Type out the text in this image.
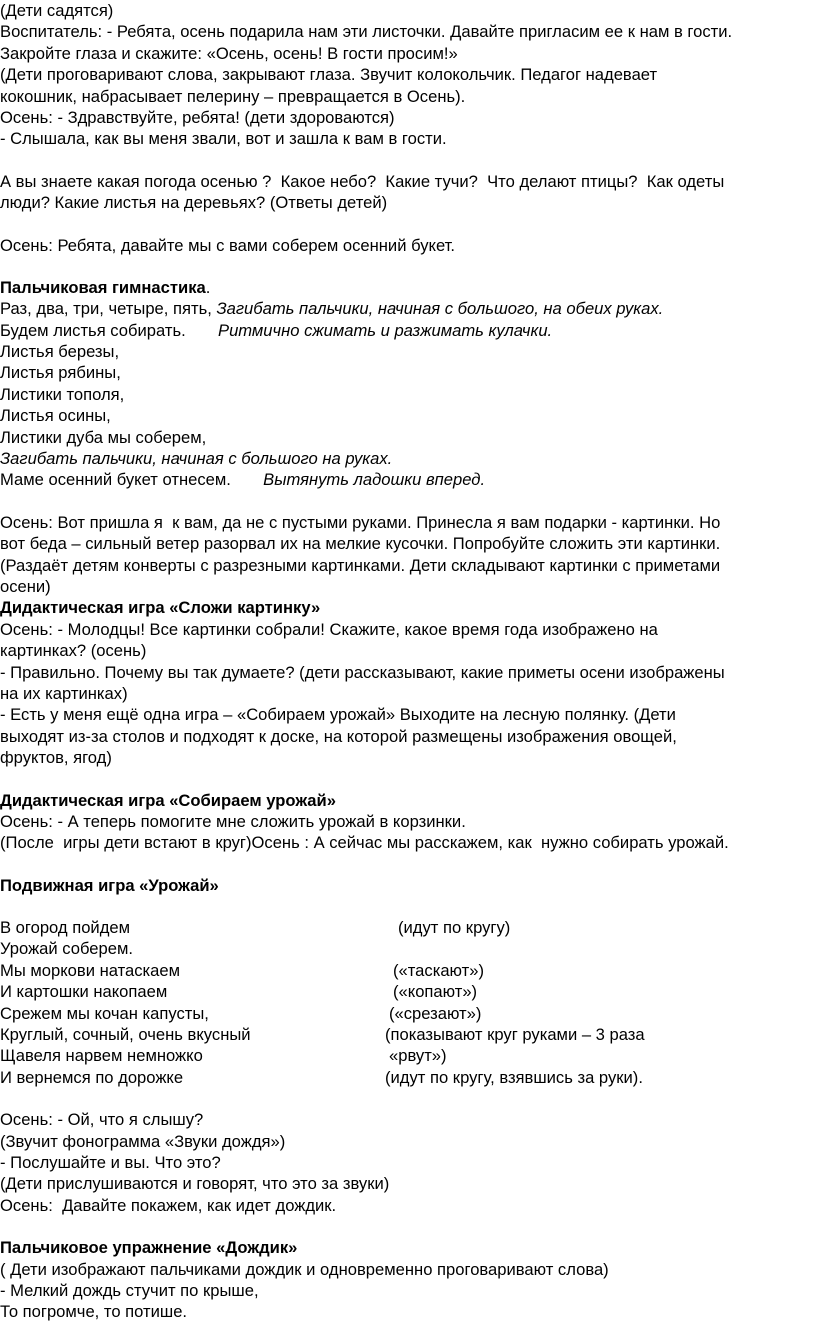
(Дети садятся)

Воспитатель: - Ребята, осень подарила нам эти листочки. Давайте пригласим ее к нам в гости.

Закройте глаза и скажите: «Осень, осень! В гости просим!»

(Дети проговаривают слова, закрывают глаза. Звучит колокольчик. Педагог надевает

кокошник, набрасывает пелерину – превращается в Осень).

Осень: - Здравствуйте, ребята! (дети здороваются)

- Слышала, как вы меня звали, вот и зашла к вам в гости.

А вы знаете какая погода осенью ?  Какое небо?  Какие тучи?  Что делают птицы?  Как одеты

люди? Какие листья на деревьях? (Ответы детей)

Осень: Ребята, давайте мы с вами соберем осенний букет.

Пальчиковая гимнастика.

Раз, два, три, четыре, пять, Загибать пальчики, начиная с большого, на обеих руках.

Будем листья собирать.       Ритмично сжимать и разжимать кулачки.

Листья березы,

Листья рябины,

Листики тополя,

Листья осины,

Листики дуба мы соберем,

Загибать пальчики, начиная с большого на руках.

Маме осенний букет отнесем.       Вытянуть ладошки вперед.

Осень: Вот пришла я  к вам, да не с пустыми руками. Принесла я вам подарки - картинки. Но

вот беда – сильный ветер разорвал их на мелкие кусочки. Попробуйте сложить эти картинки.

(Раздаёт детям конверты с разрезными картинками. Дети складывают картинки с приметами

осени)

Дидактическая игра «Сложи картинку»

Осень: - Молодцы! Все картинки собрали! Скажите, какое время года изображено на

картинках? (осень)

- Правильно. Почему вы так думаете? (дети рассказывают, какие приметы осени изображены

на их картинках)

- Есть у меня ещё одна игра – «Собираем урожай» Выходите на лесную полянку. (Дети

выходят из-за столов и подходят к доске, на которой размещены изображения овощей,

фруктов, ягод)

Дидактическая игра «Собираем урожай»

Осень: - А теперь помогите мне сложить урожай в корзинки.

(После  игры дети встают в круг)Осень : А сейчас мы расскажем, как  нужно собирать урожай.

Подвижная игра «Урожай»

В огород пойдем	(идут по кругу)
Урожай соберем.
Мы моркови натаскаем	(«таскают»)
И картошки накопаем	(«копают»)
Срежем мы кочан капусты,	(«срезают»)
Круглый, сочный, очень вкусный	(показывают круг руками – 3 раза
Щавеля нарвем немножко	«рвут»)
И вернемся по дорожке	(идут по кругу, взявшись за руки).

Осень: - Ой, что я слышу?

(Звучит фонограмма «Звуки дождя»)

- Послушайте и вы. Что это?

(Дети прислушиваются и говорят, что это за звуки)

Осень:  Давайте покажем, как идет дождик.

Пальчиковое упражнение «Дождик»

( Дети изображают пальчиками дождик и одновременно проговаривают слова)

- Мелкий дождь стучит по крыше,

То погромче, то потише.
